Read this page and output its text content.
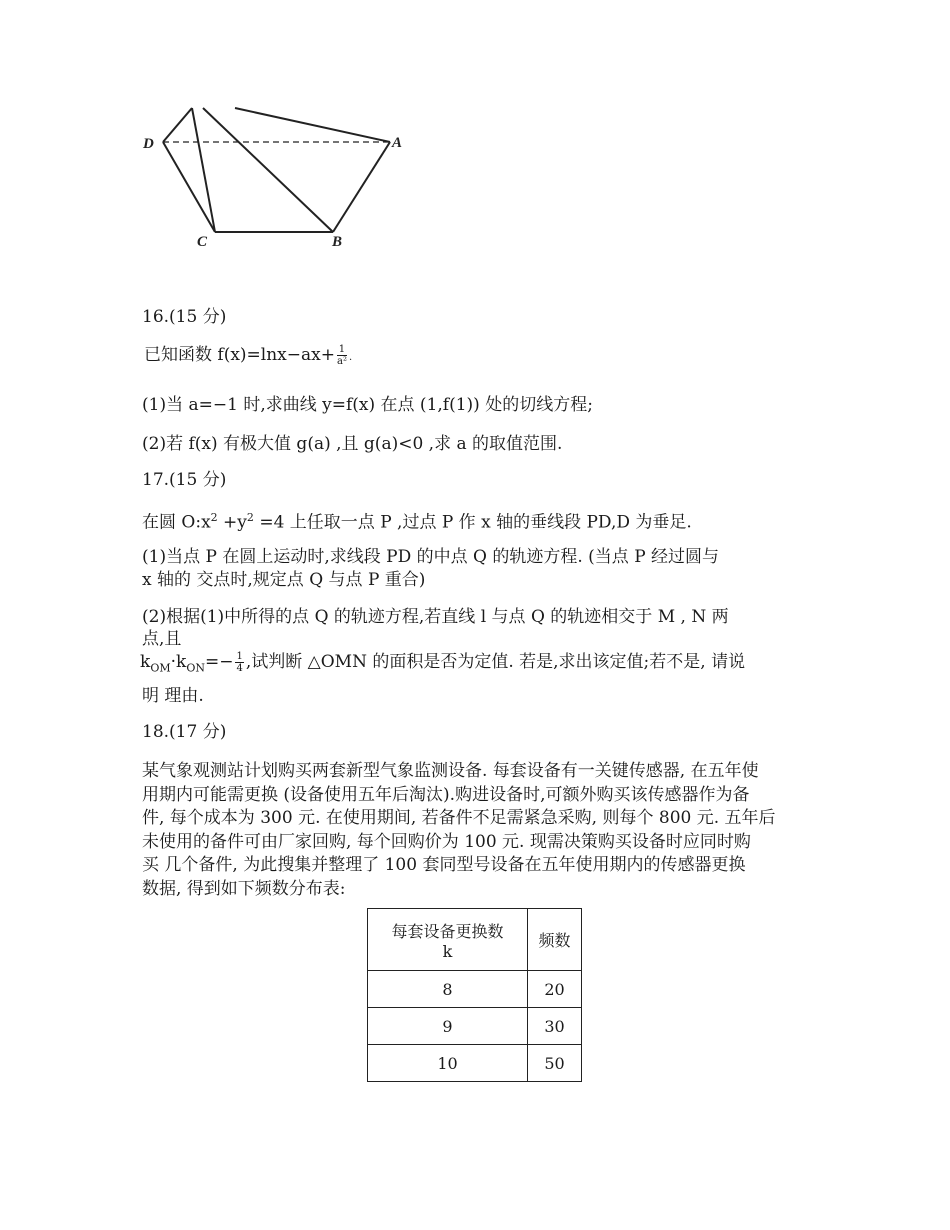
D	A
C	B
16.(15 分)
已知函数 $f(x)=\ln x-ax+ \frac{1}{\text{a²}}$ .
(1)当 a=−1 时,求曲线 y=f(x) 在点 (1,f(1)) 处的切线方程;
(2)若 f(x) 有极大值 g(a) ,且 g(a)<0 ,求 a 的取值范围.
17.(15 分)
在圆 $O:x^2 +y^2 =4$ 上任取一点 P ,过点 P 作 x 轴的垂线段 PD,D 为垂足.
(1)当点 P 在圆上运动时,求线段 PD 的中点 Q 的轨迹方程. (当点 P 经过圆与
x 轴的 交点时,规定点 Q 与点 P 重合)
(2)根据(1)中所得的点 Q 的轨迹方程,若直线 l 与点 Q 的轨迹相交于 M , N 两
点,且
$k_{OM}\cdot k_{ON}=- \frac{1}{4}$ ,试判断 △OMN 的面积是否为定值. 若是,求出该定值;若不是, 请说
明 理由.
18.(17 分)
某气象观测站计划购买两套新型气象监测设备. 每套设备有一关键传感器, 在五年使
用期内可能需更换 (设备使用五年后淘汰).购进设备时,可额外购买该传感器作为备
件, 每个成本为 300 元. 在使用期间, 若备件不足需紧急采购, 则每个 800 元. 五年后
未使用的备件可由厂家回购, 每个回购价为 100 元. 现需决策购买设备时应同时购
买 几个备件, 为此搜集并整理了 100 套同型号设备在五年使用期内的传感器更换
数据, 得到如下频数分布表:
每套设备更换数
k	频数
8	20
9	30
10	50
